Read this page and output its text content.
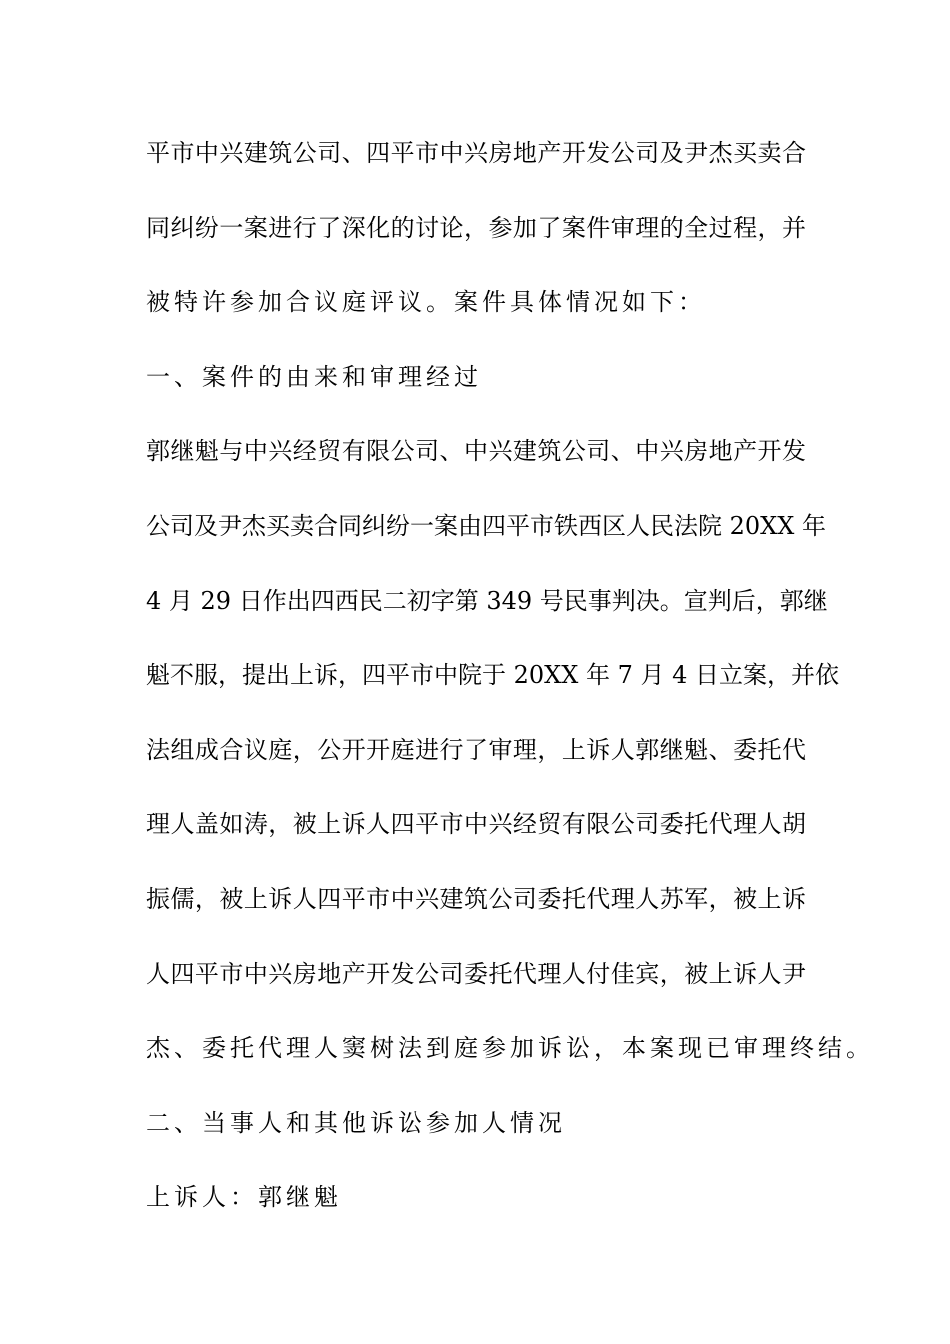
平市中兴建筑公司、四平市中兴房地产开发公司及尹杰买卖合
同纠纷一案进行了深化的讨论，参加了案件审理的全过程，并
被特许参加合议庭评议。案件具体情况如下：
一、案件的由来和审理经过
郭继魁与中兴经贸有限公司、中兴建筑公司、中兴房地产开发
公司及尹杰买卖合同纠纷一案由四平市铁西区人民法院 20XX 年
4 月 29 日作出四西民二初字第 349 号民事判决。宣判后，郭继
魁不服，提出上诉，四平市中院于 20XX 年 7 月 4 日立案，并依
法组成合议庭，公开开庭进行了审理，上诉人郭继魁、委托代
理人盖如涛，被上诉人四平市中兴经贸有限公司委托代理人胡
振儒，被上诉人四平市中兴建筑公司委托代理人苏军，被上诉
人四平市中兴房地产开发公司委托代理人付佳宾，被上诉人尹
杰、委托代理人窦树法到庭参加诉讼，本案现已审理终结。
二、当事人和其他诉讼参加人情况
上诉人：郭继魁
